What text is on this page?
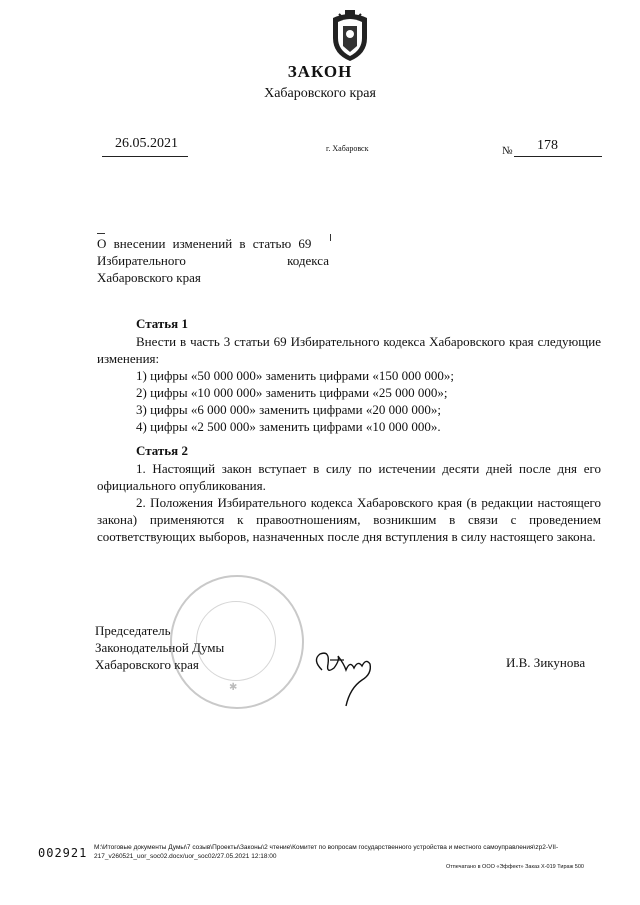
ЗАКОН
Хабаровского края
26.05.2021	г. Хабаровск	№ 178
О внесении изменений в статью 69
Избирательного	кодекса
Хабаровского края
Статья 1
Внести в часть 3 статьи 69 Избирательного кодекса Хабаровского края следующие изменения:
1) цифры «50 000 000» заменить цифрами «150 000 000»;
2) цифры «10 000 000» заменить цифрами «25 000 000»;
3) цифры «6 000 000» заменить цифрами «20 000 000»;
4) цифры «2 500 000» заменить цифрами «10 000 000».
Статья 2
1. Настоящий закон вступает в силу по истечении десяти дней после дня его официального опубликования.
2. Положения Избирательного кодекса Хабаровского края (в редакции настоящего закона) применяются к правоотношениям, возникшим в связи с проведением соответствующих выборов, назначенных после дня вступления в силу настоящего закона.
✱
Председатель
Законодательной Думы
Хабаровского края	И.В. Зикунова
002921 M:\Итоговые документы Думы\7 созыв\Проекты\Законы\2 чтение\Комитет по вопросам государственного устройства и местного самоуправления\zp2-VII-
217_v260521_uor_soc02.docx/uor_soc02/27.05.2021 12:18:00
Отпечатано в ООО «Эффект» Заказ Х-019 Тираж 500
